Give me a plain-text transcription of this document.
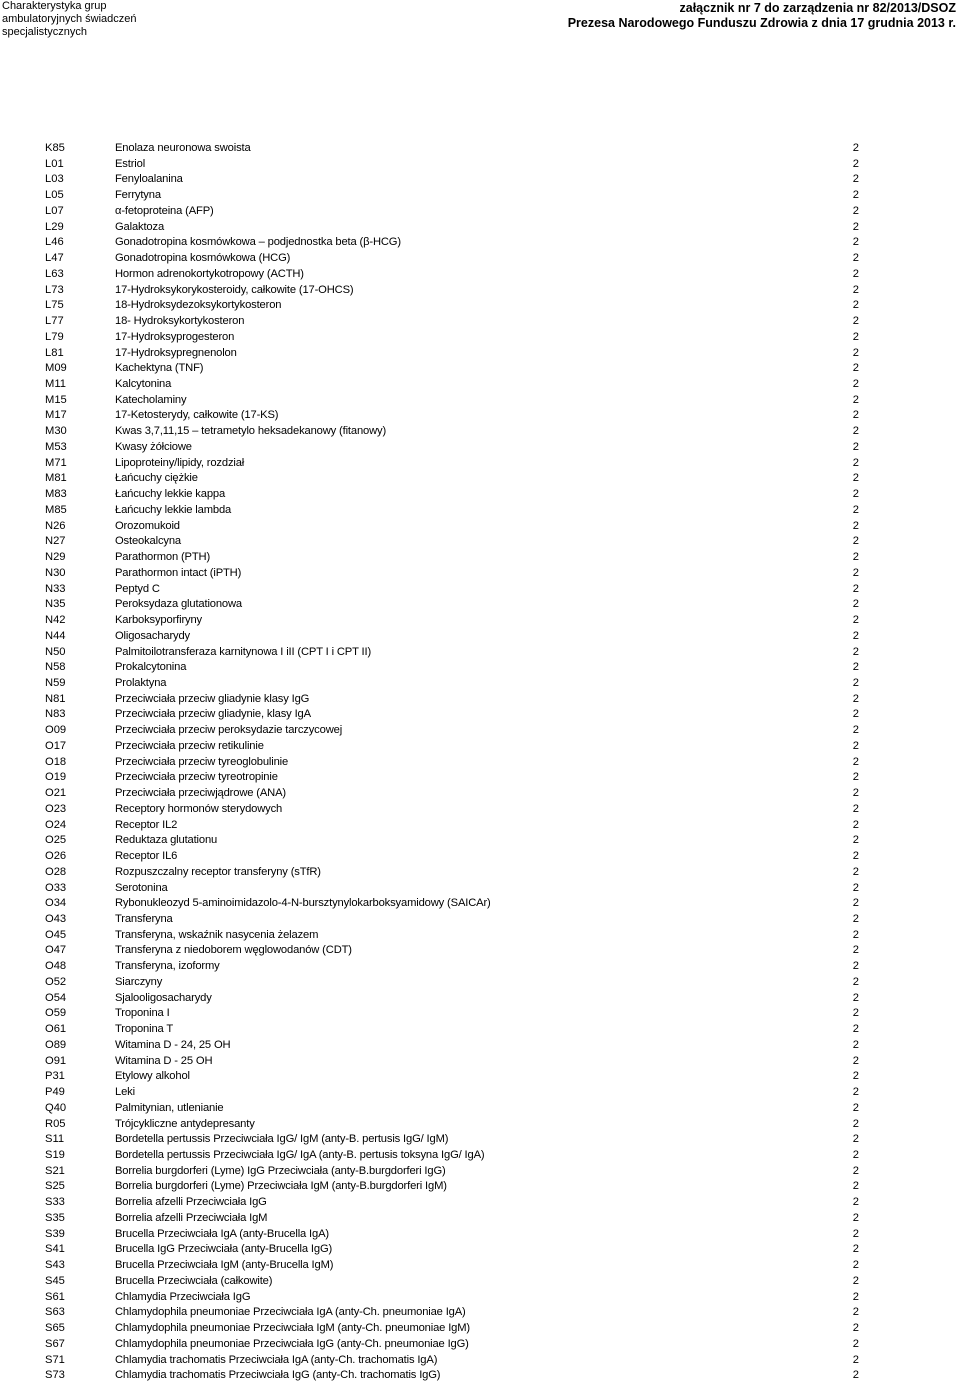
Charakterystyka grup
ambulatoryjnych świadczeń
specjalistycznych
załącznik nr 7 do zarządzenia nr 82/2013/DSOZ
Prezesa Narodowego Funduszu Zdrowia z dnia 17 grudnia 2013 r.
K85	Enolaza neuronowa swoista	2
L01	Estriol	2
L03	Fenyloalanina	2
L05	Ferrytyna	2
L07	α-fetoproteina (AFP)	2
L29	Galaktoza	2
L46	Gonadotropina kosmówkowa – podjednostka beta (β-HCG)	2
L47	Gonadotropina kosmówkowa (HCG)	2
L63	Hormon adrenokortykotropowy (ACTH)	2
L73	17-Hydroksykorykosteroidy, całkowite (17-OHCS)	2
L75	18-Hydroksydezoksykortykosteron	2
L77	18- Hydroksykortykosteron	2
L79	17-Hydroksyprogesteron	2
L81	17-Hydroksypregnenolon	2
M09	Kachektyna (TNF)	2
M11	Kalcytonina	2
M15	Katecholaminy	2
M17	17-Ketosterydy, całkowite (17-KS)	2
M30	Kwas 3,7,11,15 – tetrametylo heksadekanowy (fitanowy)	2
M53	Kwasy żółciowe	2
M71	Lipoproteiny/lipidy, rozdział	2
M81	Łańcuchy ciężkie	2
M83	Łańcuchy lekkie kappa	2
M85	Łańcuchy lekkie lambda	2
N26	Orozomukoid	2
N27	Osteokalcyna	2
N29	Parathormon (PTH)	2
N30	Parathormon intact (iPTH)	2
N33	Peptyd C	2
N35	Peroksydaza glutationowa	2
N42	Karboksyporfiryny	2
N44	Oligosacharydy	2
N50	Palmitoilotransferaza karnitynowa I iII (CPT I i CPT II)	2
N58	Prokalcytonina	2
N59	Prolaktyna	2
N81	Przeciwciała przeciw gliadynie klasy IgG	2
N83	Przeciwciała przeciw gliadynie, klasy IgA	2
O09	Przeciwciała przeciw peroksydazie tarczycowej	2
O17	Przeciwciała przeciw retikulinie	2
O18	Przeciwciała przeciw tyreoglobulinie	2
O19	Przeciwciała przeciw tyreotropinie	2
O21	Przeciwciała przeciwjądrowe (ANA)	2
O23	Receptory hormonów sterydowych	2
O24	Receptor IL2	2
O25	Reduktaza glutationu	2
O26	Receptor IL6	2
O28	Rozpuszczalny receptor transferyny (sTfR)	2
O33	Serotonina	2
O34	Rybonukleozyd 5-aminoimidazolo-4-N-bursztynylokarboksyamidowy (SAICAr)	2
O43	Transferyna	2
O45	Transferyna, wskaźnik nasycenia żelazem	2
O47	Transferyna z niedoborem węglowodanów (CDT)	2
O48	Transferyna, izoformy	2
O52	Siarczyny	2
O54	Sjalooligosacharydy	2
O59	Troponina I	2
O61	Troponina T	2
O89	Witamina D - 24, 25 OH	2
O91	Witamina D - 25 OH	2
P31	Etylowy alkohol	2
P49	Leki	2
Q40	Palmitynian, utlenianie	2
R05	Trójcykliczne antydepresanty	2
S11	Bordetella pertussis Przeciwciała IgG/ IgM (anty-B. pertusis IgG/ IgM)	2
S19	Bordetella pertussis Przeciwciała IgG/ IgA (anty-B. pertusis toksyna IgG/ IgA)	2
S21	Borrelia burgdorferi (Lyme) IgG Przeciwciała (anty-B.burgdorferi IgG)	2
S25	Borrelia burgdorferi (Lyme) Przeciwciała IgM (anty-B.burgdorferi IgM)	2
S33	Borrelia afzelli Przeciwciała IgG	2
S35	Borrelia afzelli Przeciwciała IgM	2
S39	Brucella Przeciwciała IgA (anty-Brucella IgA)	2
S41	Brucella IgG Przeciwciała (anty-Brucella IgG)	2
S43	Brucella Przeciwciała IgM (anty-Brucella IgM)	2
S45	Brucella Przeciwciała (całkowite)	2
S61	Chlamydia Przeciwciała IgG	2
S63	Chlamydophila pneumoniae Przeciwciała IgA (anty-Ch. pneumoniae IgA)	2
S65	Chlamydophila pneumoniae Przeciwciała IgM (anty-Ch. pneumoniae IgM)	2
S67	Chlamydophila pneumoniae Przeciwciała IgG (anty-Ch. pneumoniae IgG)	2
S71	Chlamydia trachomatis Przeciwciała IgA (anty-Ch. trachomatis IgA)	2
S73	Chlamydia trachomatis Przeciwciała IgG (anty-Ch. trachomatis IgG)	2
